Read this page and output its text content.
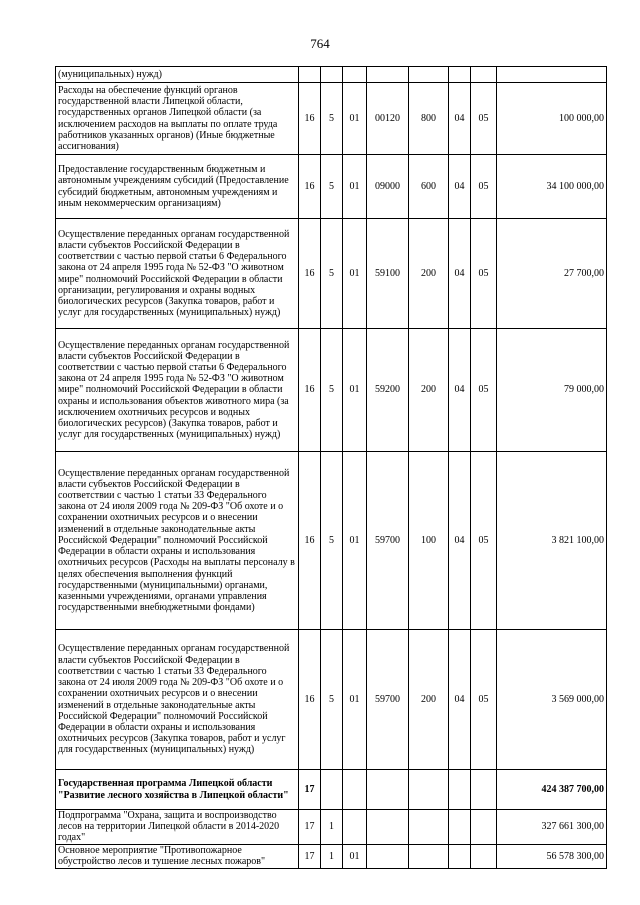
764
(муниципальных) нужд)								
Расходы на обеспечение функций органов государственной власти Липецкой области, государственных органов Липецкой области (за исключением расходов на выплаты по оплате труда работников указанных органов) (Иные бюджетные ассигнования)	16	5	01	00120	800	04	05	100 000,00
Предоставление государственным бюджетным и автономным учреждениям субсидий (Предоставление субсидий бюджетным, автономным учреждениям и иным некоммерческим организациям)	16	5	01	09000	600	04	05	34 100 000,00
Осуществление переданных органам государственной власти субъектов Российской Федерации в соответствии с частью первой статьи 6 Федерального закона от 24 апреля 1995 года № 52-ФЗ "О животном мире" полномочий Российской Федерации в области организации, регулирования и охраны водных биологических ресурсов (Закупка товаров, работ и услуг для государственных (муниципальных) нужд)	16	5	01	59100	200	04	05	27 700,00
Осуществление переданных органам государственной власти субъектов Российской Федерации в соответствии с частью первой статьи 6 Федерального закона от 24 апреля 1995 года № 52-ФЗ "О животном мире" полномочий Российской Федерации в области охраны и использования объектов животного мира (за исключением охотничьих ресурсов и водных биологических ресурсов) (Закупка товаров, работ и услуг для государственных (муниципальных) нужд)	16	5	01	59200	200	04	05	79 000,00
Осуществление переданных органам государственной власти субъектов Российской Федерации в соответствии с частью 1 статьи 33 Федерального закона от 24 июля 2009 года № 209-ФЗ "Об охоте и о сохранении охотничьих ресурсов и о внесении изменений в отдельные законодательные акты Российской Федерации" полномочий Российской Федерации в области охраны и использования охотничьих ресурсов (Расходы на выплаты персоналу в целях обеспечения выполнения функций государственными (муниципальными) органами, казенными учреждениями, органами управления государственными внебюджетными фондами)	16	5	01	59700	100	04	05	3 821 100,00
Осуществление переданных органам государственной власти субъектов Российской Федерации в соответствии с частью 1 статьи 33 Федерального закона от 24 июля 2009 года № 209-ФЗ "Об охоте и о сохранении охотничьих ресурсов и о внесении изменений в отдельные законодательные акты Российской Федерации" полномочий Российской Федерации в области охраны и использования охотничьих ресурсов (Закупка товаров, работ и услуг для государственных (муниципальных) нужд)	16	5	01	59700	200	04	05	3 569 000,00
Государственная программа Липецкой области "Развитие лесного хозяйства в Липецкой области"	17							424 387 700,00
Подпрограмма "Охрана, защита и воспроизводство лесов на территории Липецкой области в 2014-2020 годах"	17	1						327 661 300,00
Основное мероприятие "Противопожарное обустройство лесов и тушение лесных пожаров"	17	1	01					56 578 300,00
